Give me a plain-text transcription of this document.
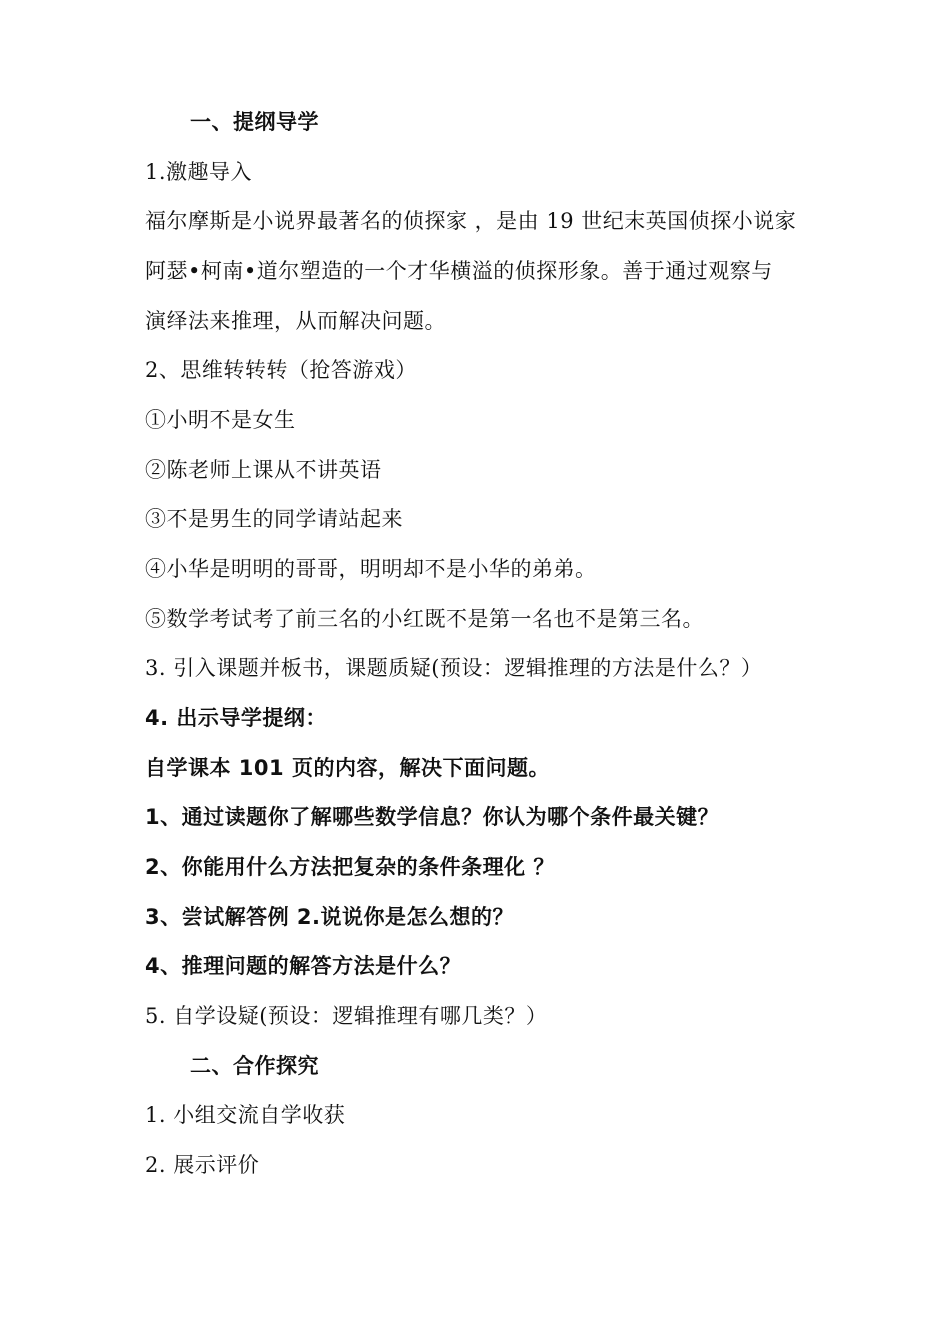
一、提纲导学
1.激趣导入
福尔摩斯是小说界最著名的侦探家 ，是由 19 世纪末英国侦探小说家
阿瑟•柯南•道尔塑造的一个才华横溢的侦探形象。善于通过观察与
演绎法来推理，从而解决问题。
2、思维转转转（抢答游戏）
①小明不是女生
②陈老师上课从不讲英语
③不是男生的同学请站起来
④小华是明明的哥哥，明明却不是小华的弟弟。
⑤数学考试考了前三名的小红既不是第一名也不是第三名。
3. 引入课题并板书，课题质疑(预设：逻辑推理的方法是什么？）
4. 出示导学提纲：
自学课本 101 页的内容，解决下面问题。
1、通过读题你了解哪些数学信息？你认为哪个条件最关键？
2、你能用什么方法把复杂的条件条理化 ？
3、尝试解答例 2.说说你是怎么想的？
4、推理问题的解答方法是什么？
5. 自学设疑(预设：逻辑推理有哪几类？）
二、合作探究
1. 小组交流自学收获
2. 展示评价
